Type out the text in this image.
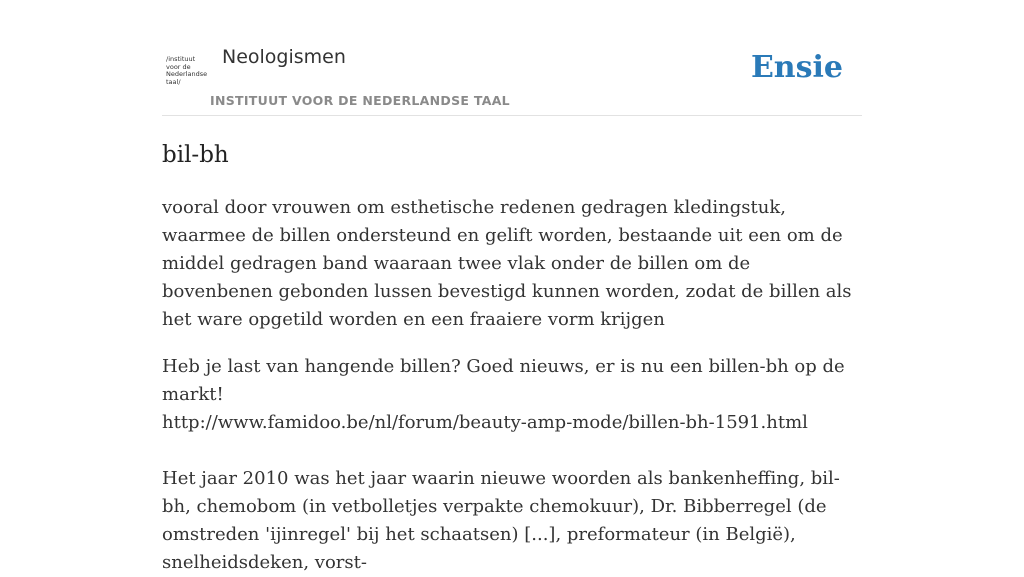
/instituut
voor de
Nederlandse
taal/
Neologismen
INSTITUUT VOOR DE NEDERLANDSE TAAL
Ensie
bil-bh
vooral door vrouwen om esthetische redenen gedragen kledingstuk, waarmee de billen ondersteund en gelift worden, bestaande uit een om de middel gedragen band waaraan twee vlak onder de billen om de bovenbenen gebonden lussen bevestigd kunnen worden, zodat de billen als het ware opgetild worden en een fraaiere vorm krijgen

Heb je last van hangende billen? Goed nieuws, er is nu een billen-bh op de markt!

http://www.famidoo.be/nl/forum/beauty-amp-mode/billen-bh-1591.html

Het jaar 2010 was het jaar waarin nieuwe woorden als bankenheffing, bil-bh, chemobom (in vetbolletjes verpakte chemokuur), Dr. Bibberregel (de omstreden 'ijinregel' bij het schaatsen) [...], preformateur (in België), snelheidsdeken, vorst-
